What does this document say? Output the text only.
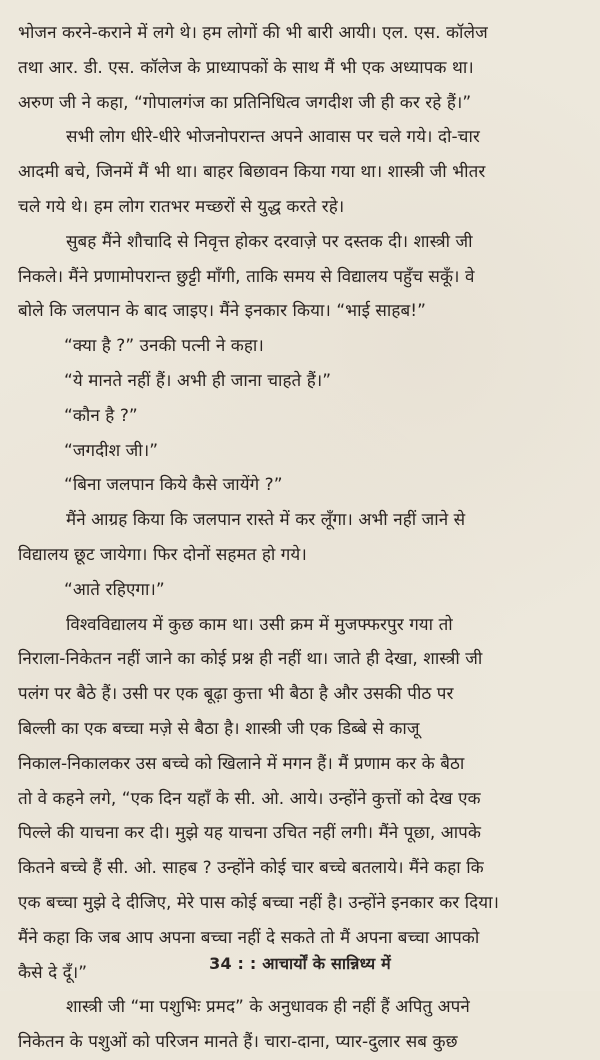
भोजन करने-कराने में लगे थे। हम लोगों की भी बारी आयी। एल. एस. कॉलेज
तथा आर. डी. एस. कॉलेज के प्राध्यापकों के साथ मैं भी एक अध्यापक था।
अरुण जी ने कहा, “गोपालगंज का प्रतिनिधित्व जगदीश जी ही कर रहे हैं।”
सभी लोग धीरे-धीरे भोजनोपरान्त अपने आवास पर चले गये। दो-चार
आदमी बचे, जिनमें मैं भी था। बाहर बिछावन किया गया था। शास्त्री जी भीतर
चले गये थे। हम लोग रातभर मच्छरों से युद्ध करते रहे।
सुबह मैंने शौचादि से निवृत्त होकर दरवाज़े पर दस्तक दी। शास्त्री जी
निकले। मैंने प्रणामोपरान्त छुट्टी माँगी, ताकि समय से विद्यालय पहुँच सकूँ। वे
बोले कि जलपान के बाद जाइए। मैंने इनकार किया। “भाई साहब!”
“क्या है ?” उनकी पत्नी ने कहा।
“ये मानते नहीं हैं। अभी ही जाना चाहते हैं।”
“कौन है ?”
“जगदीश जी।”
“बिना जलपान किये कैसे जायेंगे ?”
मैंने आग्रह किया कि जलपान रास्ते में कर लूँगा। अभी नहीं जाने से
विद्यालय छूट जायेगा। फिर दोनों सहमत हो गये।
“आते रहिएगा।”
विश्वविद्यालय में कुछ काम था। उसी क्रम में मुजफ्फरपुर गया तो
निराला-निकेतन नहीं जाने का कोई प्रश्न ही नहीं था। जाते ही देखा, शास्त्री जी
पलंग पर बैठे हैं। उसी पर एक बूढ़ा कुत्ता भी बैठा है और उसकी पीठ पर
बिल्ली का एक बच्चा मज़े से बैठा है। शास्त्री जी एक डिब्बे से काजू
निकाल-निकालकर उस बच्चे को खिलाने में मगन हैं। मैं प्रणाम कर के बैठा
तो वे कहने लगे, “एक दिन यहाँ के सी. ओ. आये। उन्होंने कुत्तों को देख एक
पिल्ले की याचना कर दी। मुझे यह याचना उचित नहीं लगी। मैंने पूछा, आपके
कितने बच्चे हैं सी. ओ. साहब ? उन्होंने कोई चार बच्चे बतलाये। मैंने कहा कि
एक बच्चा मुझे दे दीजिए, मेरे पास कोई बच्चा नहीं है। उन्होंने इनकार कर दिया।
मैंने कहा कि जब आप अपना बच्चा नहीं दे सकते तो मैं अपना बच्चा आपको
कैसे दे दूँ।”
शास्त्री जी “मा पशुभिः प्रमद” के अनुधावक ही नहीं हैं अपितु अपने
निकेतन के पशुओं को परिजन मानते हैं। चारा-दाना, प्यार-दुलार सब कुछ
34 : : आचार्यों के सान्निध्य में
